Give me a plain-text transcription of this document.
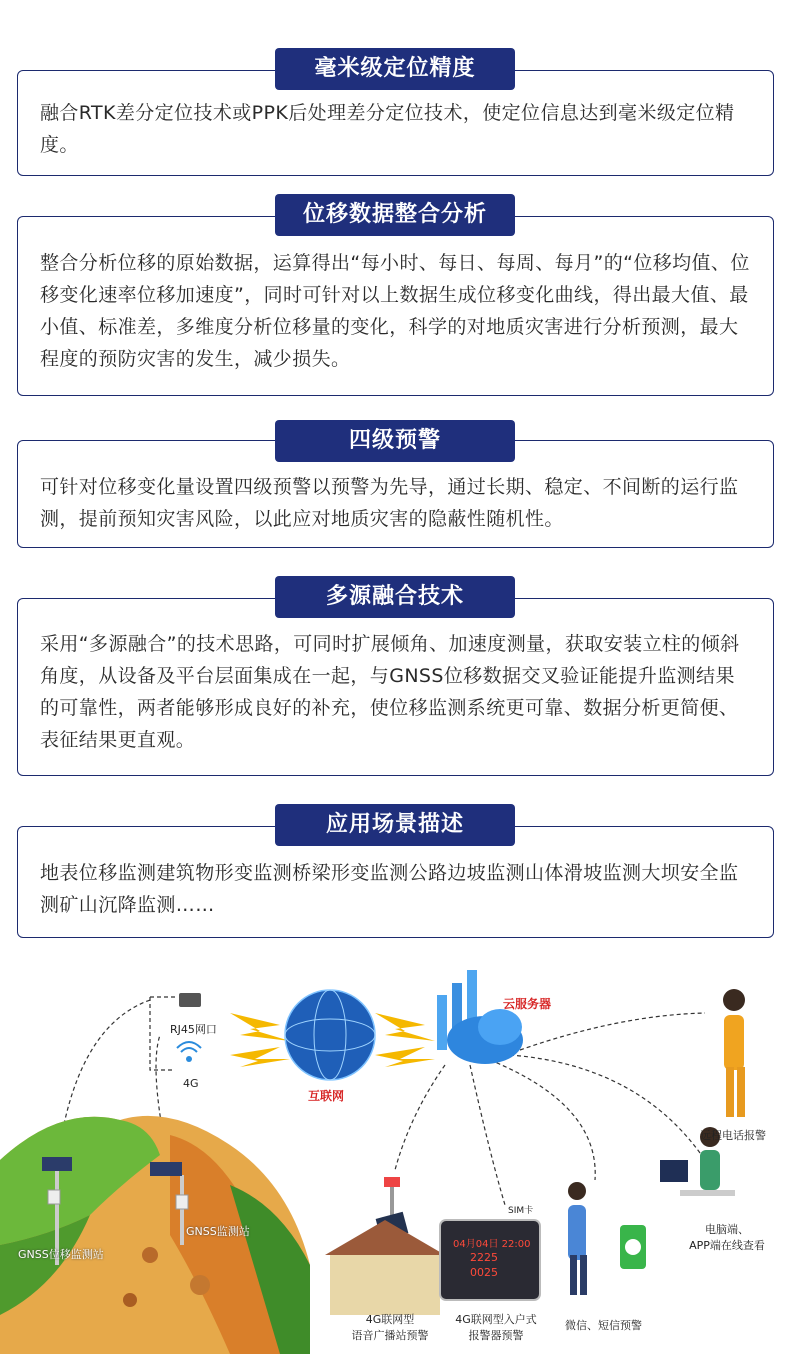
融合RTK差分定位技术或PPK后处理差分定位技术，使定位信息达到毫米级定位精度。

毫米级定位精度

整合分析位移的原始数据，运算得出“每小时、每日、每周、每月”的“位移均值、位移变化速率位移加速度”，同时可针对以上数据生成位移变化曲线，得出最大值、最小值、标准差，多维度分析位移量的变化，科学的对地质灾害进行分析预测，最大程度的预防灾害的发生，减少损失。

位移数据整合分析

可针对位移变化量设置四级预警以预警为先导，通过长期、稳定、不间断的运行监测，提前预知灾害风险，以此应对地质灾害的隐蔽性随机性。

四级预警

采用“多源融合”的技术思路，可同时扩展倾角、加速度测量，获取安装立柱的倾斜角度，从设备及平台层面集成在一起，与GNSS位移数据交叉验证能提升监测结果的可靠性，两者能够形成良好的补充，使位移监测系统更可靠、数据分析更简便、表征结果更直观。

多源融合技术

地表位移监测建筑物形变监测桥梁形变监测公路边坡监测山体滑坡监测大坝安全监测矿山沉降监测……

应用场景描述
RJ45网口
4G
互联网
云服务器
远程电话报警
GNSS位移监测站
GNSS监测站
4G联网型
语音广播站预警
4G联网型入户式
报警器预警
SIM卡
04月04日 22:00
2225
0025
微信、短信预警
电脑端、
APP端在线查看
